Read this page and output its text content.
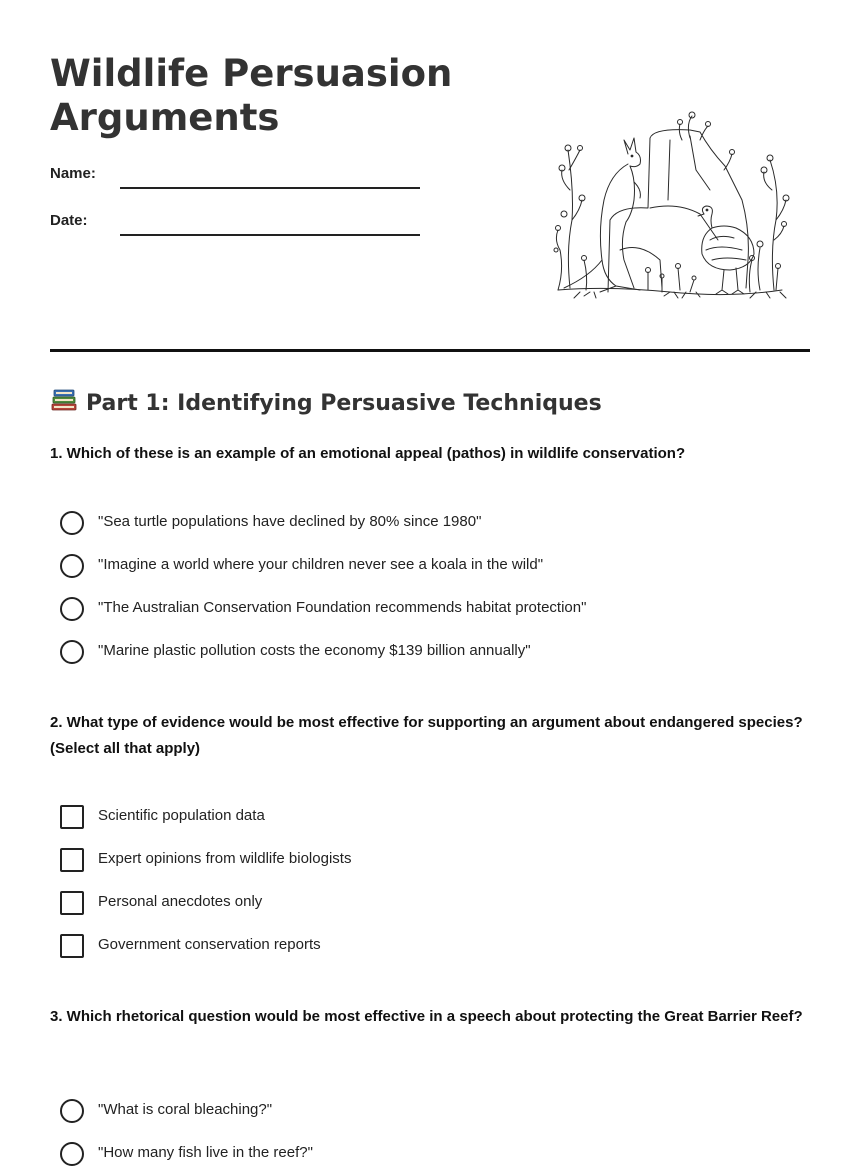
Wildlife Persuasion Arguments
Name:
Date:
Part 1: Identifying Persuasive Techniques

1. Which of these is an example of an emotional appeal (pathos) in wildlife conservation?

"Sea turtle populations have declined by 80% since 1980"
"Imagine a world where your children never see a koala in the wild"
"The Australian Conservation Foundation recommends habitat protection"
"Marine plastic pollution costs the economy $139 billion annually"

2. What type of evidence would be most effective for supporting an argument about endangered species? (Select all that apply)

Scientific population data
Expert opinions from wildlife biologists
Personal anecdotes only
Government conservation reports

3. Which rhetorical question would be most effective in a speech about protecting the Great Barrier Reef?

"What is coral bleaching?"
"How many fish live in the reef?"
